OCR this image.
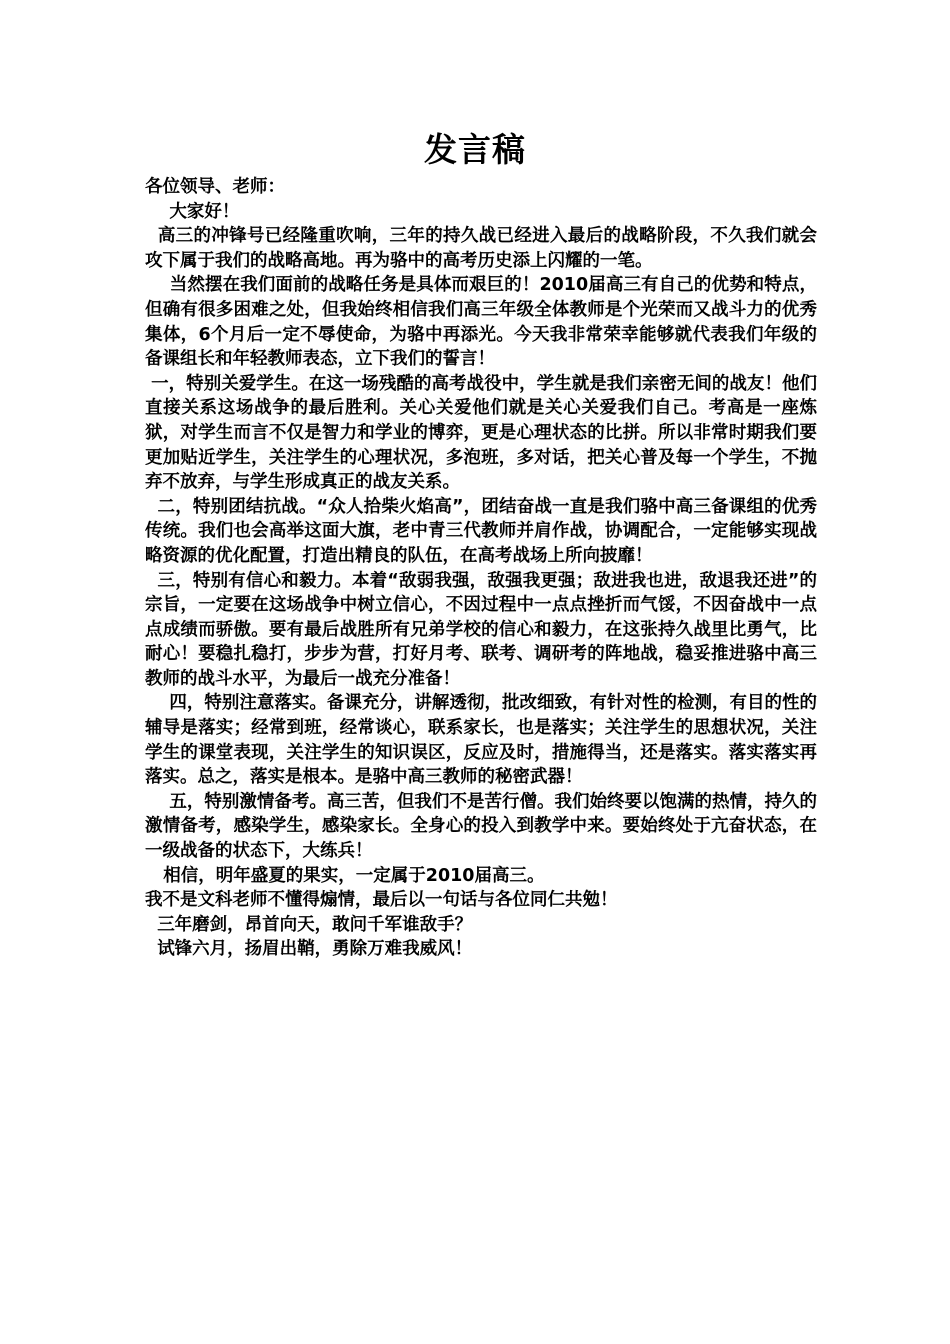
发言稿

各位领导、老师：

大家好！

高三的冲锋号已经隆重吹响，三年的持久战已经进入最后的战略阶段，不久我们就会攻下属于我们的战略高地。再为骆中的高考历史添上闪耀的一笔。

当然摆在我们面前的战略任务是具体而艰巨的！2010届高三有自己的优势和特点，但确有很多困难之处，但我始终相信我们高三年级全体教师是个光荣而又战斗力的优秀集体，6个月后一定不辱使命，为骆中再添光。今天我非常荣幸能够就代表我们年级的备课组长和年轻教师表态，立下我们的誓言！

一，特别关爱学生。在这一场残酷的高考战役中，学生就是我们亲密无间的战友！他们直接关系这场战争的最后胜利。关心关爱他们就是关心关爱我们自己。考高是一座炼狱，对学生而言不仅是智力和学业的博弈，更是心理状态的比拼。所以非常时期我们要更加贴近学生，关注学生的心理状况，多泡班，多对话，把关心普及每一个学生，不抛弃不放弃，与学生形成真正的战友关系。

二，特别团结抗战。“众人拾柴火焰高”，团结奋战一直是我们骆中高三备课组的优秀传统。我们也会高举这面大旗，老中青三代教师并肩作战，协调配合，一定能够实现战略资源的优化配置，打造出精良的队伍，在高考战场上所向披靡！

三，特别有信心和毅力。本着“敌弱我强，敌强我更强；敌进我也进，敌退我还进”的宗旨，一定要在这场战争中树立信心，不因过程中一点点挫折而气馁，不因奋战中一点点成绩而骄傲。要有最后战胜所有兄弟学校的信心和毅力，在这张持久战里比勇气，比耐心！要稳扎稳打，步步为营，打好月考、联考、调研考的阵地战，稳妥推进骆中高三教师的战斗水平，为最后一战充分准备！

四，特别注意落实。备课充分，讲解透彻，批改细致，有针对性的检测，有目的性的辅导是落实；经常到班，经常谈心，联系家长，也是落实；关注学生的思想状况，关注学生的课堂表现，关注学生的知识误区，反应及时，措施得当，还是落实。落实落实再落实。总之，落实是根本。是骆中高三教师的秘密武器！

五，特别激情备考。高三苦，但我们不是苦行僧。我们始终要以饱满的热情，持久的激情备考，感染学生，感染家长。全身心的投入到教学中来。要始终处于亢奋状态，在一级战备的状态下，大练兵！

相信，明年盛夏的果实，一定属于2010届高三。

我不是文科老师不懂得煽情，最后以一句话与各位同仁共勉！

三年磨剑，昂首向天，敢问千军谁敌手？

试锋六月，扬眉出鞘，勇除万难我威风！
